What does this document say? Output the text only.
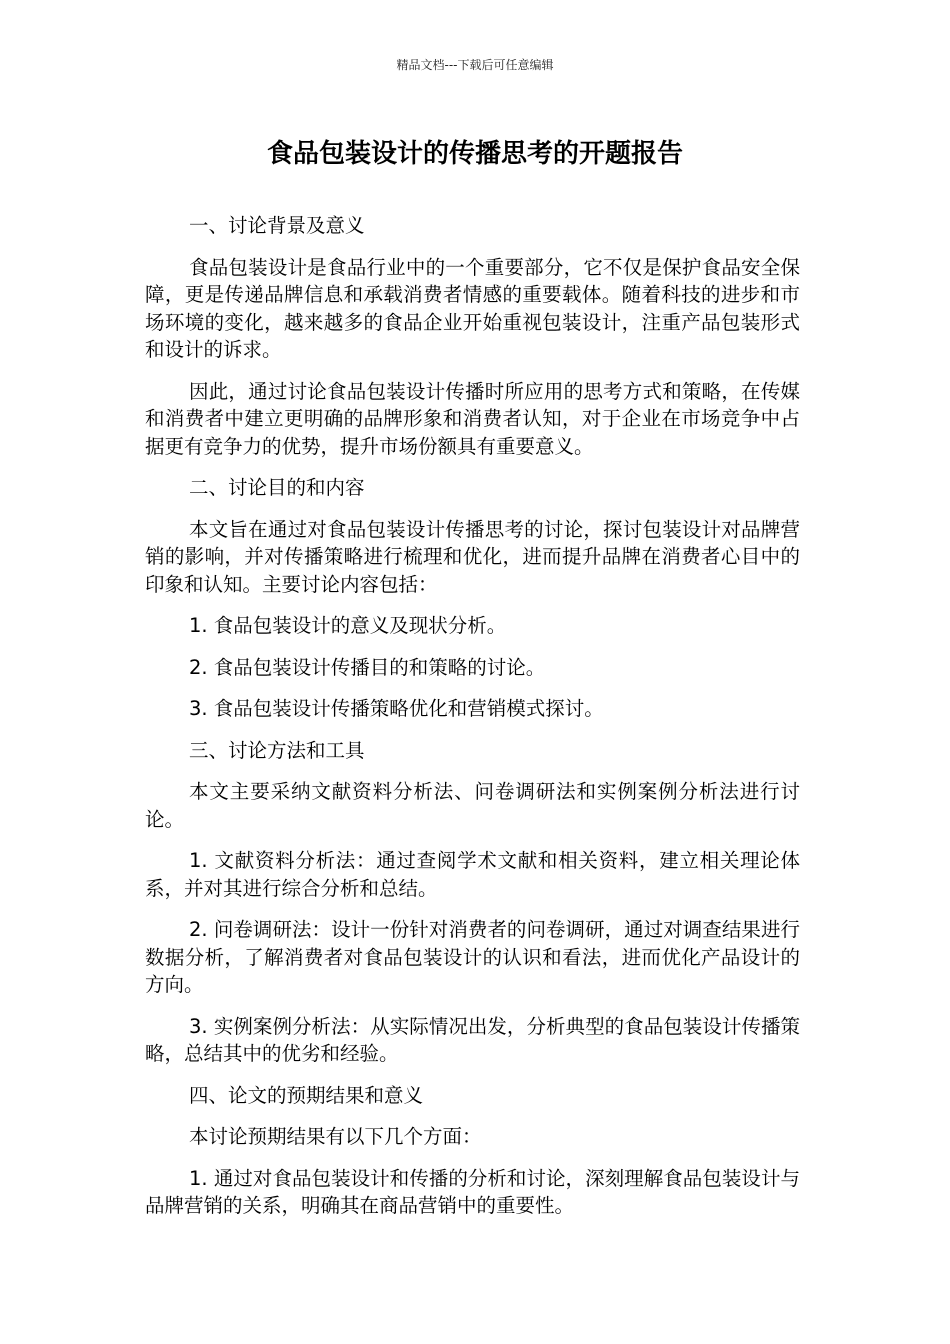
精品文档---下载后可任意编辑
食品包装设计的传播思考的开题报告

一、讨论背景及意义

食品包装设计是食品行业中的一个重要部分，它不仅是保护食品安全保障，更是传递品牌信息和承载消费者情感的重要载体。随着科技的进步和市场环境的变化，越来越多的食品企业开始重视包装设计，注重产品包装形式和设计的诉求。

因此，通过讨论食品包装设计传播时所应用的思考方式和策略，在传媒和消费者中建立更明确的品牌形象和消费者认知，对于企业在市场竞争中占据更有竞争力的优势，提升市场份额具有重要意义。

二、讨论目的和内容

本文旨在通过对食品包装设计传播思考的讨论，探讨包装设计对品牌营销的影响，并对传播策略进行梳理和优化，进而提升品牌在消费者心目中的印象和认知。主要讨论内容包括：

1. 食品包装设计的意义及现状分析。

2. 食品包装设计传播目的和策略的讨论。

3. 食品包装设计传播策略优化和营销模式探讨。

三、讨论方法和工具

本文主要采纳文献资料分析法、问卷调研法和实例案例分析法进行讨论。

1. 文献资料分析法：通过查阅学术文献和相关资料，建立相关理论体系，并对其进行综合分析和总结。

2. 问卷调研法：设计一份针对消费者的问卷调研，通过对调查结果进行数据分析，了解消费者对食品包装设计的认识和看法，进而优化产品设计的方向。

3. 实例案例分析法：从实际情况出发，分析典型的食品包装设计传播策略，总结其中的优劣和经验。

四、论文的预期结果和意义

本讨论预期结果有以下几个方面：

1. 通过对食品包装设计和传播的分析和讨论，深刻理解食品包装设计与品牌营销的关系，明确其在商品营销中的重要性。
